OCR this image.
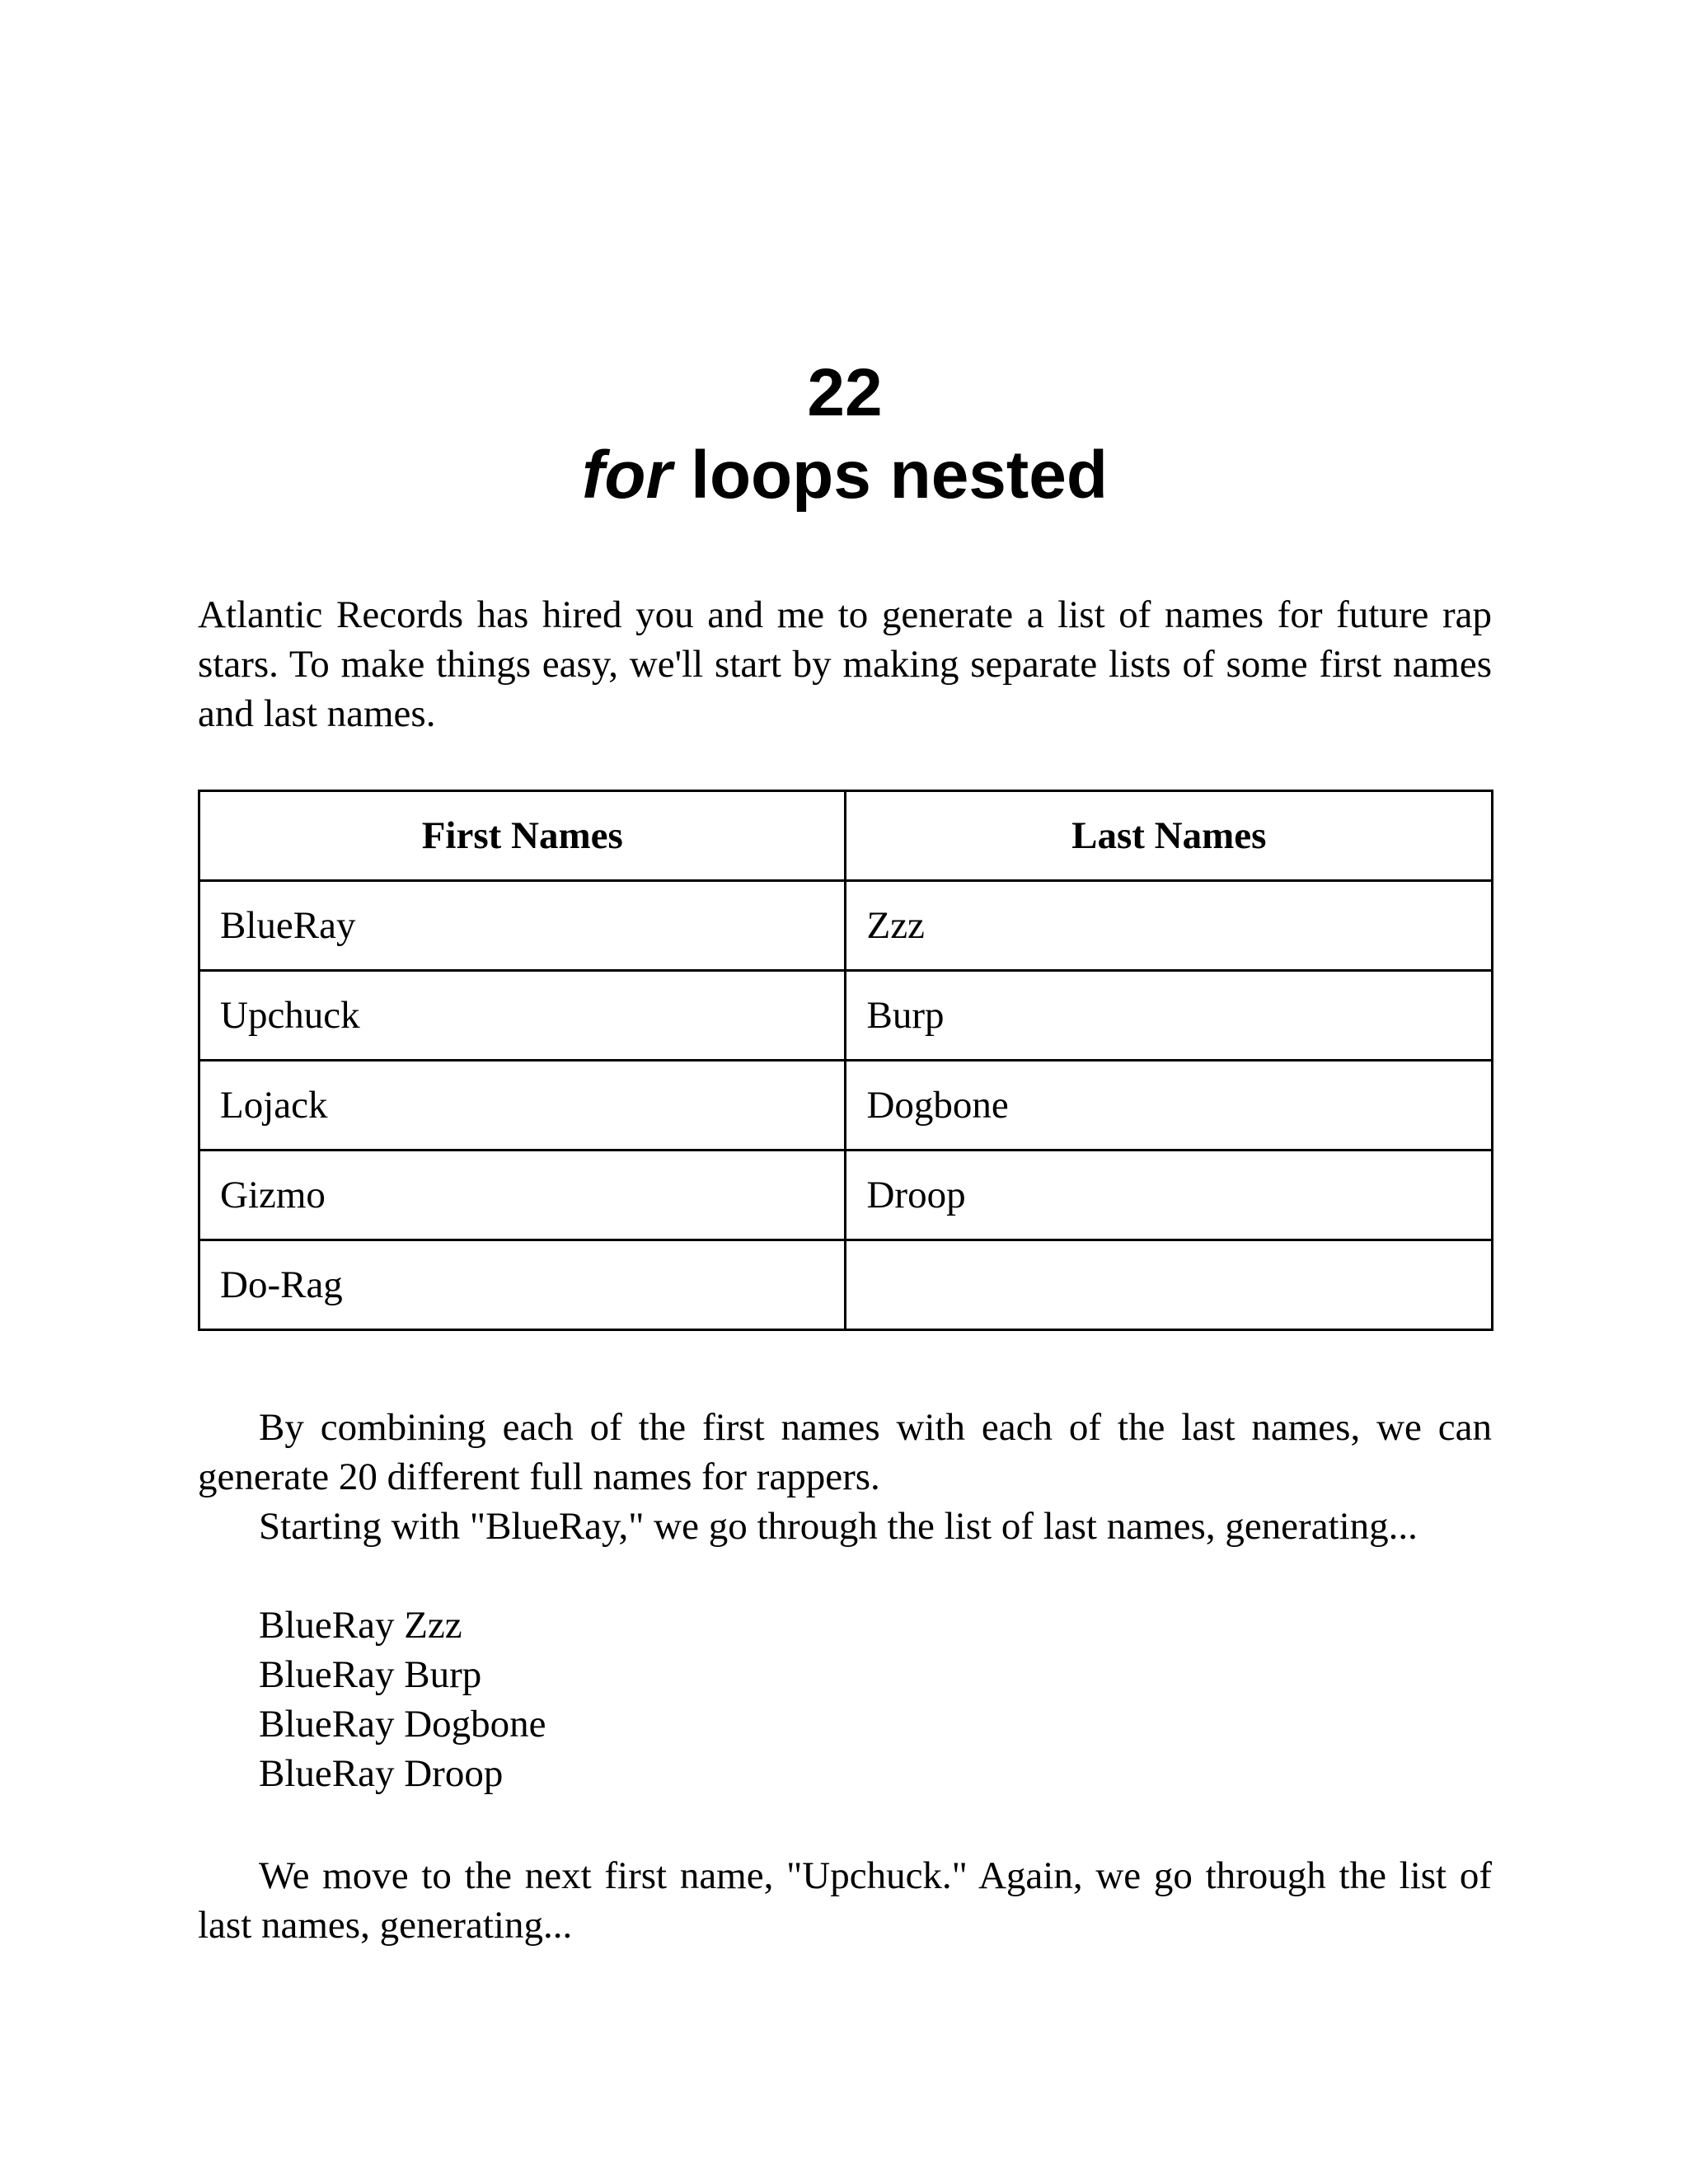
22
for loops nested

Atlantic Records has hired you and me to generate a list of names for future rap stars. To make things easy, we'll start by making separate lists of some first names and last names.

First Names	Last Names
BlueRay	Zzz
Upchuck	Burp
Lojack	Dogbone
Gizmo	Droop
Do-Rag	

By combining each of the first names with each of the last names, we can generate 20 different full names for rappers.

Starting with "BlueRay," we go through the list of last names, generating...

BlueRay Zzz
BlueRay Burp
BlueRay Dogbone
BlueRay Droop

We move to the next first name, "Upchuck." Again, we go through the list of last names, generating...
